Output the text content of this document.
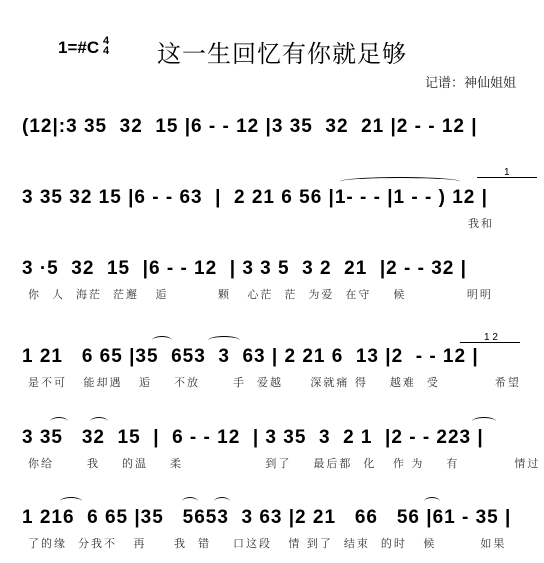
1=#C 4
4 这一生回忆有你就足够
记谱：神仙姐姐
(12|:3 35  32  15 |6 - - 12 |3 35  32  21 |2 - - 12 |
1
3 35 32 15 |6 - - 63  |  2 21 6 56 |1- - - |1 - - ) 12 |
我和
3 ·5  32  15  |6 - - 12  | 3 3 5  3 2  21  |2 - - 32 |
你  人  海茫  茫邂   逅         颗   心茫  茫  为爱  在守    候           明明
1 2
1 21   6 65 |35  653  3  63 | 2 21 6  13 |2  - - 12 |
是不可   能却遇   逅    不放      手  爱越     深就痛 得    越难  受          希望
3 35   32  15  |  6 - - 12  | 3 35  3  2 1  |2 - - 223 |
你给      我    的温    柔               到了    最后都  化   作 为    有          情过
1 216  6 65 |35   5653  3 63 |2 21   66   56 |61 - 35 |
了的缘  分我不   再     我  错    口这段   情 到了  结束  的时   候        如果
